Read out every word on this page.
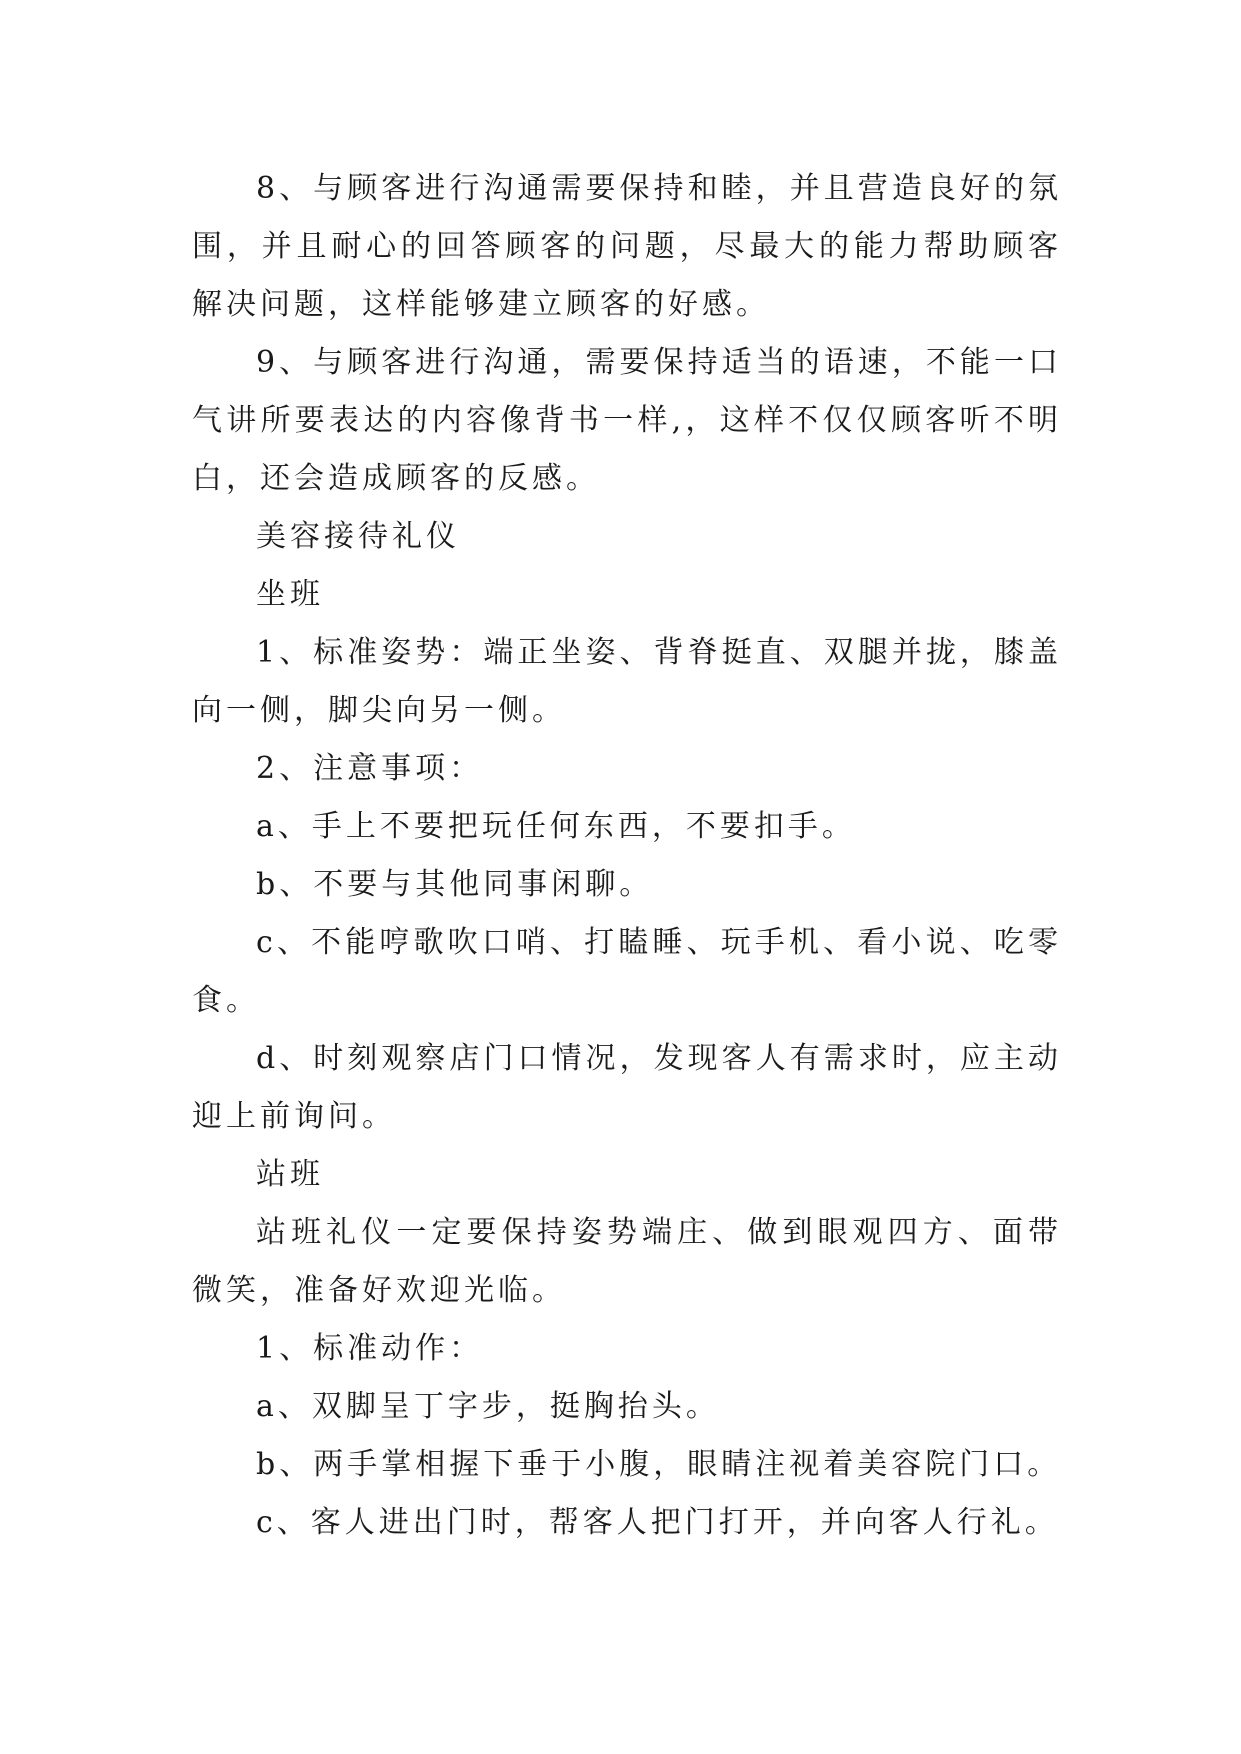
8、与顾客进行沟通需要保持和睦，并且营造良好的氛围，并且耐心的回答顾客的问题，尽最大的能力帮助顾客解决问题，这样能够建立顾客的好感。

9、与顾客进行沟通，需要保持适当的语速，不能一口气讲所要表达的内容像背书一样,，这样不仅仅顾客听不明白，还会造成顾客的反感。

美容接待礼仪

坐班

1、标准姿势：端正坐姿、背脊挺直、双腿并拢，膝盖向一侧，脚尖向另一侧。

2、注意事项：

a、手上不要把玩任何东西，不要扣手。

b、不要与其他同事闲聊。

c、不能哼歌吹口哨、打瞌睡、玩手机、看小说、吃零食。

d、时刻观察店门口情况，发现客人有需求时，应主动迎上前询问。

站班

站班礼仪一定要保持姿势端庄、做到眼观四方、面带微笑，准备好欢迎光临。

1、标准动作：

a、双脚呈丁字步，挺胸抬头。

b、两手掌相握下垂于小腹，眼睛注视着美容院门口。

c、客人进出门时，帮客人把门打开，并向客人行礼。
